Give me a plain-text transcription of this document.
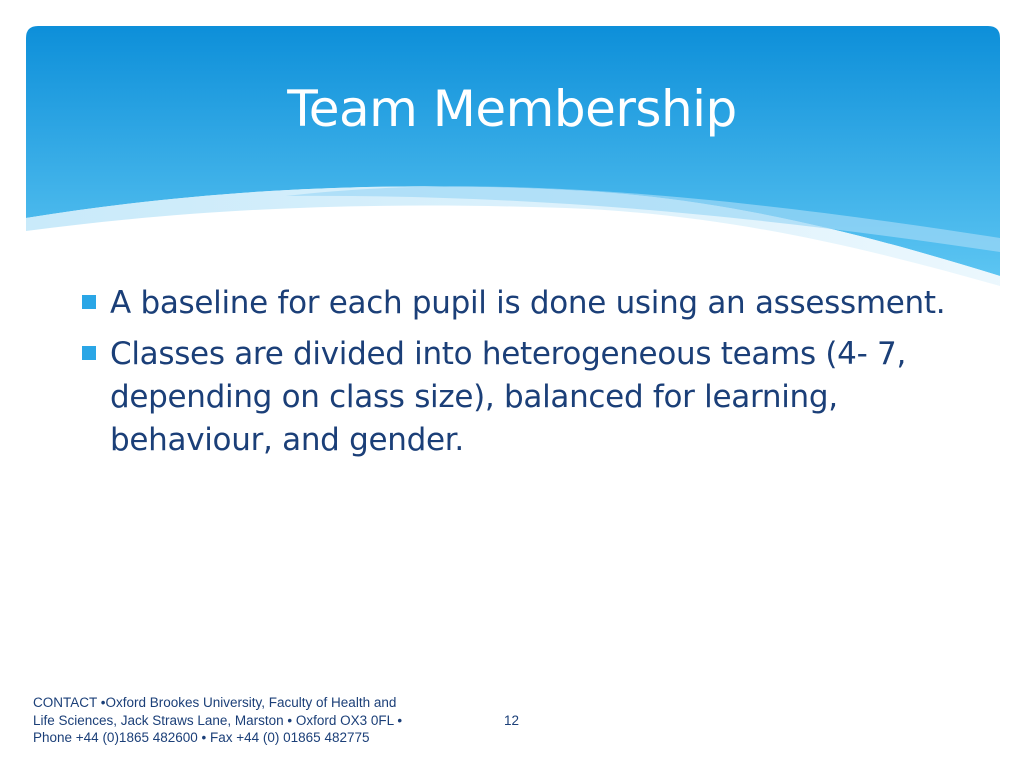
Team Membership
A baseline for each pupil is done using an assessment.
Classes are divided into heterogeneous teams (4- 7, depending on class size), balanced for learning, behaviour, and gender.
CONTACT •Oxford Brookes University, Faculty of Health and
Life Sciences, Jack Straws Lane, Marston • Oxford OX3 0FL •
Phone +44 (0)1865 482600 • Fax +44 (0) 01865 482775
12
